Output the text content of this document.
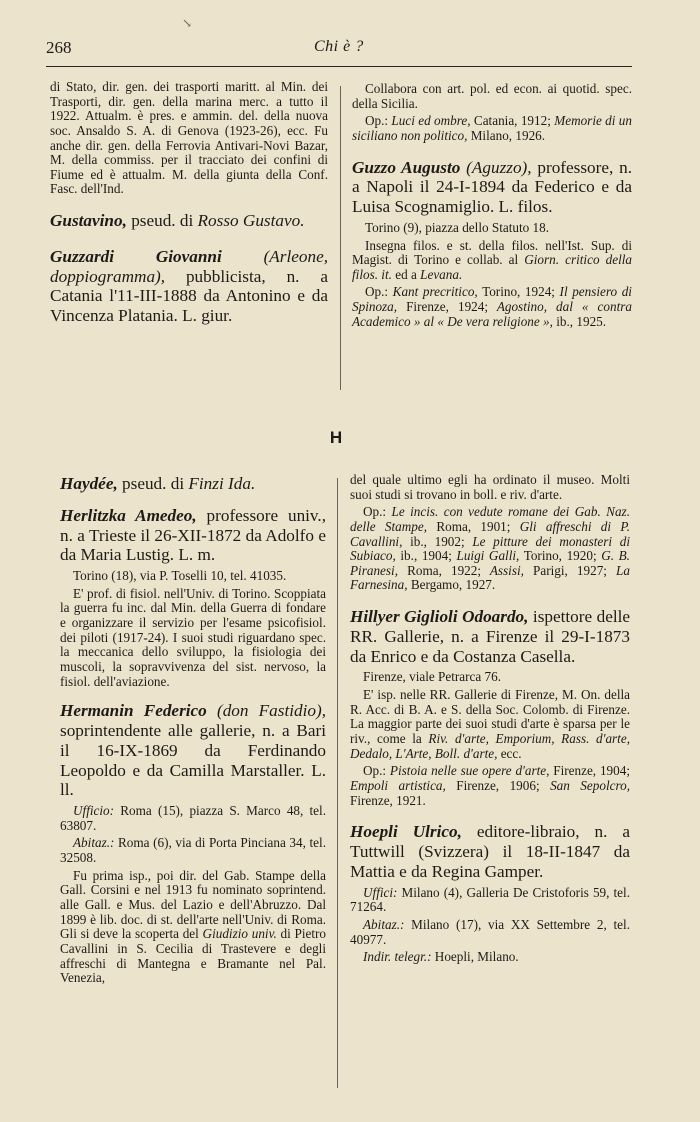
↘
268	Chi è ?

di Stato, dir. gen. dei trasporti maritt. al Min. dei Trasporti, dir. gen. della marina merc. a tutto il 1922. Attualm. è pres. e ammin. del. della nuova soc. Ansaldo S. A. di Genova (1923-26), ecc. Fu anche dir. gen. della Ferrovia Antivari-Novi Bazar, M. della commiss. per il tracciato dei confini di Fiume ed è attualm. M. della giunta della Conf. Fasc. dell'Ind.

Gustavino, pseud. di Rosso Gustavo.

Guzzardi Giovanni (Arleone, doppiogramma), pubblicista, n. a Catania l'11-III-1888 da Antonino e da Vincenza Platania. L. giur.

Collabora con art. pol. ed econ. ai quotid. spec. della Sicilia.

Op.: Luci ed ombre, Catania, 1912; Memorie di un siciliano non politico, Milano, 1926.

Guzzo Augusto (Aguzzo), professore, n. a Napoli il 24-I-1894 da Federico e da Luisa Scognamiglio. L. filos.

Torino (9), piazza dello Statuto 18.

Insegna filos. e st. della filos. nell'Ist. Sup. di Magist. di Torino e collab. al Giorn. critico della filos. it. ed a Levana.

Op.: Kant precritico, Torino, 1924; Il pensiero di Spinoza, Firenze, 1924; Agostino, dal « contra Academico » al « De vera religione », ib., 1925.

H

Haydée, pseud. di Finzi Ida.

Herlitzka Amedeo, professore univ., n. a Trieste il 26-XII-1872 da Adolfo e da Maria Lustig. L. m.

Torino (18), via P. Toselli 10, tel. 41035.

E' prof. di fisiol. nell'Univ. di Torino. Scoppiata la guerra fu inc. dal Min. della Guerra di fondare e organizzare il servizio per l'esame psicofisiol. dei piloti (1917-24). I suoi studi riguardano spec. la meccanica dello sviluppo, la fisiologia dei muscoli, la sopravvivenza del sist. nervoso, la fisiol. dell'aviazione.

Hermanin Federico (don Fastidio), soprintendente alle gallerie, n. a Bari il 16-IX-1869 da Ferdinando Leopoldo e da Camilla Marstaller. L. ll.

Ufficio: Roma (15), piazza S. Marco 48, tel. 63807.

Abitaz.: Roma (6), via di Porta Pinciana 34, tel. 32508.

Fu prima isp., poi dir. del Gab. Stampe della Gall. Corsini e nel 1913 fu nominato soprintend. alle Gall. e Mus. del Lazio e dell'Abruzzo. Dal 1899 è lib. doc. di st. dell'arte nell'Univ. di Roma. Gli si deve la scoperta del Giudizio univ. di Pietro Cavallini in S. Cecilia di Trastevere e degli affreschi di Mantegna e Bramante nel Pal. Venezia,

del quale ultimo egli ha ordinato il museo. Molti suoi studi si trovano in boll. e riv. d'arte.

Op.: Le incis. con vedute romane dei Gab. Naz. delle Stampe, Roma, 1901; Gli affreschi di P. Cavallini, ib., 1902; Le pitture dei monasteri di Subiaco, ib., 1904; Luigi Galli, Torino, 1920; G. B. Piranesi, Roma, 1922; Assisi, Parigi, 1927; La Farnesina, Bergamo, 1927.

Hillyer Giglioli Odoardo, ispettore delle RR. Gallerie, n. a Firenze il 29-I-1873 da Enrico e da Costanza Casella.

Firenze, viale Petrarca 76.

E' isp. nelle RR. Gallerie di Firenze, M. On. della R. Acc. di B. A. e S. della Soc. Colomb. di Firenze. La maggior parte dei suoi studi d'arte è sparsa per le riv., come la Riv. d'arte, Emporium, Rass. d'arte, Dedalo, L'Arte, Boll. d'arte, ecc.

Op.: Pistoia nelle sue opere d'arte, Firenze, 1904; Empoli artistica, Firenze, 1906; San Sepolcro, Firenze, 1921.

Hoepli Ulrico, editore-libraio, n. a Tuttwill (Svizzera) il 18-II-1847 da Mattia e da Regina Gamper.

Uffici: Milano (4), Galleria De Cristoforis 59, tel. 71264.

Abitaz.: Milano (17), via XX Settembre 2, tel. 40977.

Indir. telegr.: Hoepli, Milano.
